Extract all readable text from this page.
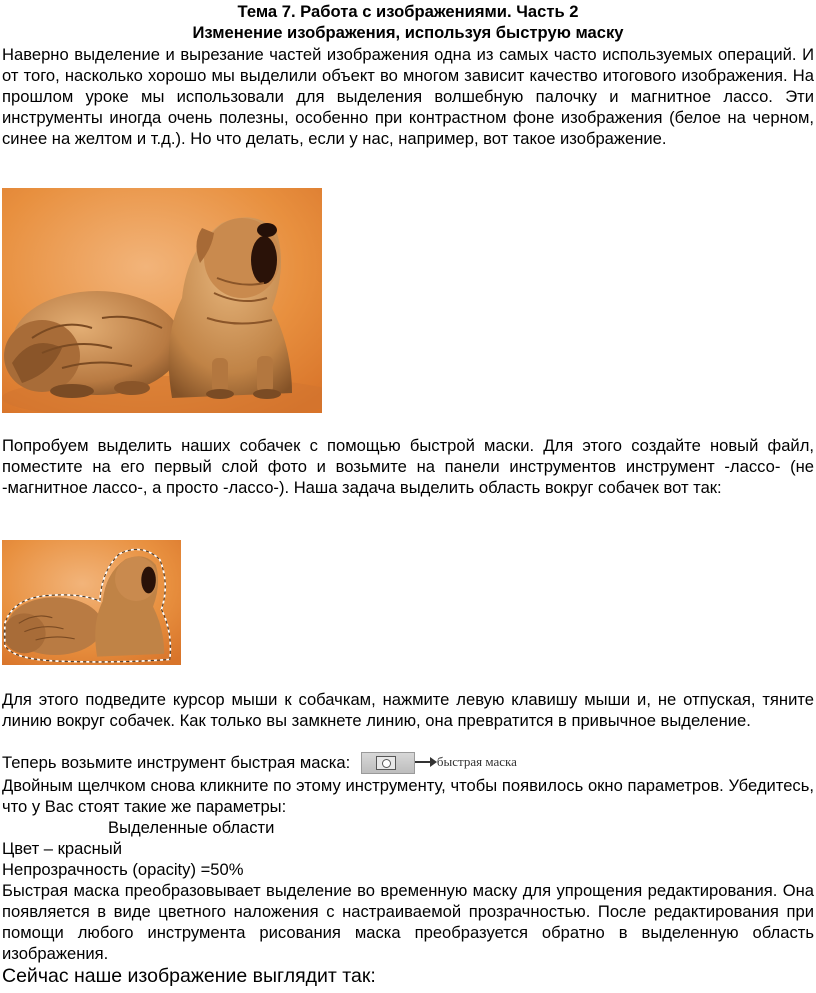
Тема 7. Работа с изображениями. Часть 2
Изменение изображения, используя быструю маску

Наверно выделение и вырезание частей изображения одна из самых часто используемых операций. И от того, насколько хорошо мы выделили объект во многом зависит качество итогового изображения. На прошлом уроке мы использовали для выделения волшебную палочку и магнитное лассо. Эти инструменты иногда очень полезны, особенно при контрастном фоне изображения (белое на черном, синее на желтом и т.д.). Но что делать, если у нас, например, вот такое изображение.

Попробуем выделить наших собачек с помощью быстрой маски. Для этого создайте новый файл, поместите на его первый слой фото и возьмите на панели инструментов инструмент -лассо- (не -магнитное лассо-, а просто -лассо-). Наша задача выделить область вокруг собачек вот так:

Для этого подведите курсор мыши к собачкам, нажмите левую клавишу мыши и, не отпуская, тяните линию вокруг собачек. Как только вы замкнете линию, она превратится в привычное выделение.

Теперь возьмите инструмент быстрая маска:	быстрая маска

Двойным щелчком снова кликните по этому инструменту, чтобы появилось окно параметров. Убедитесь, что у Вас стоят такие же параметры:

Выделенные области
Цвет – красный
Непрозрачность (opacity) =50%

Быстрая маска преобразовывает выделение во временную маску для упрощения редактирования. Она появляется в виде цветного наложения с настраиваемой прозрачностью. После редактирования при помощи любого инструмента рисования маска преобразуется обратно в выделенную область изображения.

Сейчас наше изображение выглядит так:
